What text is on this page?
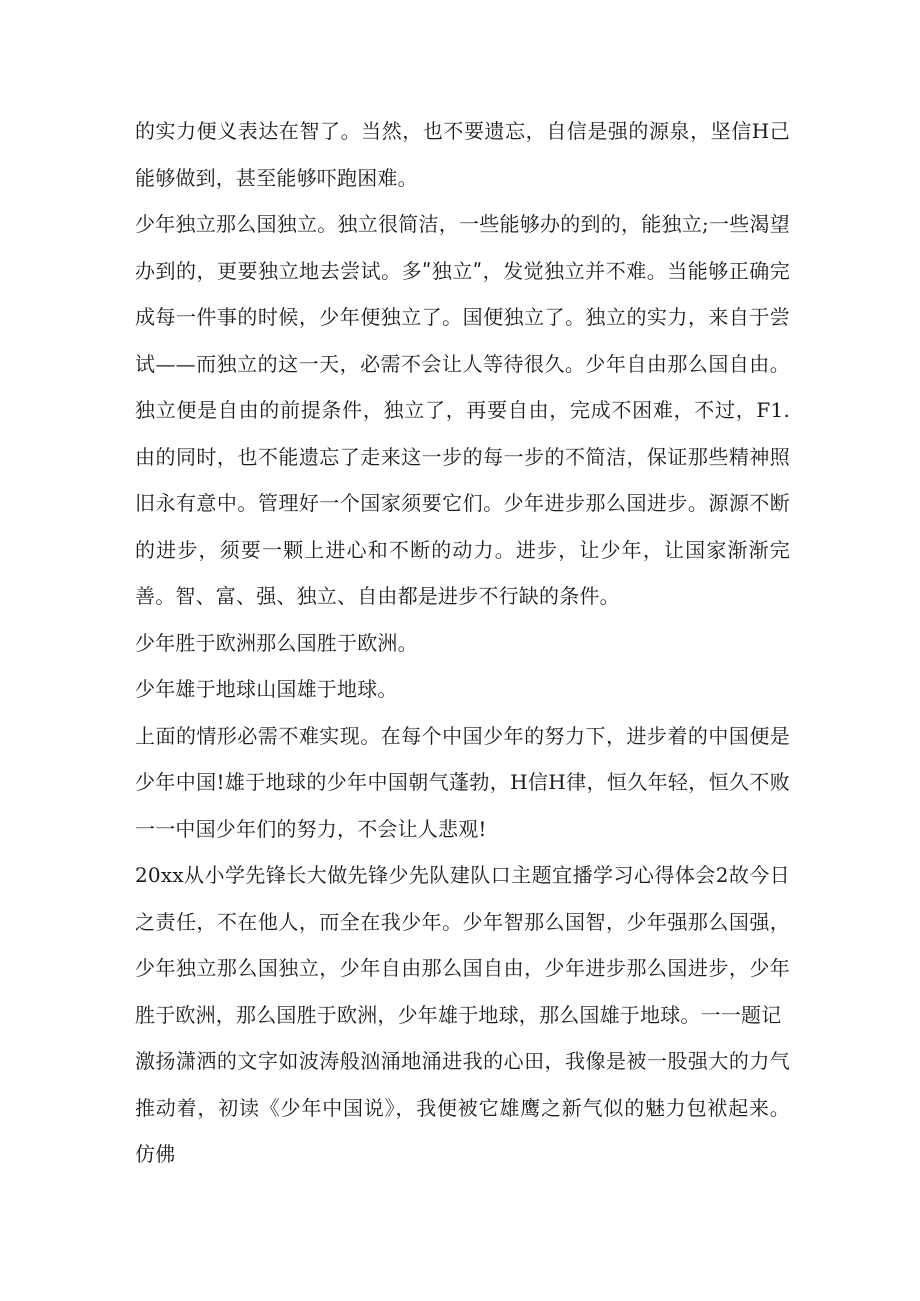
的实力便义表达在智了。当然，也不要遗忘，自信是强的源泉，坚信H己能够做到，甚至能够吓跑困难。

少年独立那么国独立。独立很简洁，一些能够办的到的，能独立;一些渴望办到的，更要独立地去尝试。多ʺ独立ʺ，发觉独立并不难。当能够正确完成每一件事的时候，少年便独立了。国便独立了。独立的实力，来自于尝试——而独立的这一天，必需不会让人等待很久。少年自由那么国自由。独立便是自由的前提条件，独立了，再要自由，完成不困难，不过，F1.由的同时，也不能遗忘了走来这一步的每一步的不简洁，保证那些精神照旧永有意中。管理好一个国家须要它们。少年进步那么国进步。源源不断的进步，须要一颗上进心和不断的动力。进步，让少年，让国家渐渐完善。智、富、强、独立、自由都是进步不行缺的条件。

少年胜于欧洲那么国胜于欧洲。

少年雄于地球山国雄于地球。

上面的情形必需不难实现。在每个中国少年的努力下，进步着的中国便是少年中国!雄于地球的少年中国朝气蓬勃，H信H律，恒久年轻，恒久不败一一中国少年们的努力，不会让人悲观!

20xx从小学先锋长大做先锋少先队建队口主题宜播学习心得体会2故今日之责任，不在他人，而全在我少年。少年智那么国智，少年强那么国强，少年独立那么国独立，少年自由那么国自由，少年进步那么国进步，少年胜于欧洲，那么国胜于欧洲，少年雄于地球，那么国雄于地球。一一题记

激扬潇洒的文字如波涛般汹涌地涌进我的心田，我像是被一股强大的力气推动着，初读《少年中国说》，我便被它雄鹰之新气似的魅力包袱起来。仿佛
